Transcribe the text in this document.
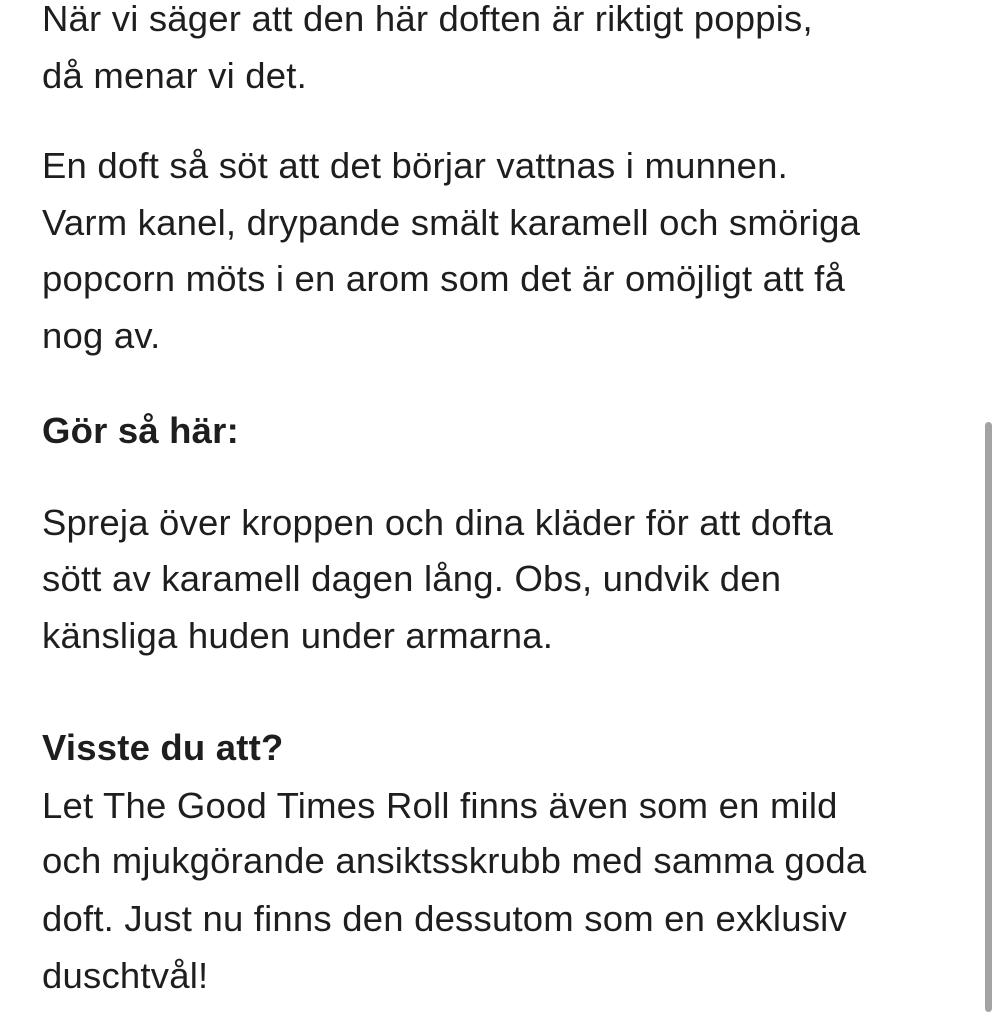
När vi säger att den här doften är riktigt poppis,
då menar vi det.
En doft så söt att det börjar vattnas i munnen.
Varm kanel, drypande smält karamell och smöriga
popcorn möts i en arom som det är omöjligt att få
nog av.
Gör så här:
Spreja över kroppen och dina kläder för att dofta
sött av karamell dagen lång. Obs, undvik den
känsliga huden under armarna.
Visste du att?
Let The Good Times Roll finns även som en mild
och mjukgörande ansiktsskrubb med samma goda
doft. Just nu finns den dessutom som en exklusiv
duschtvål!
